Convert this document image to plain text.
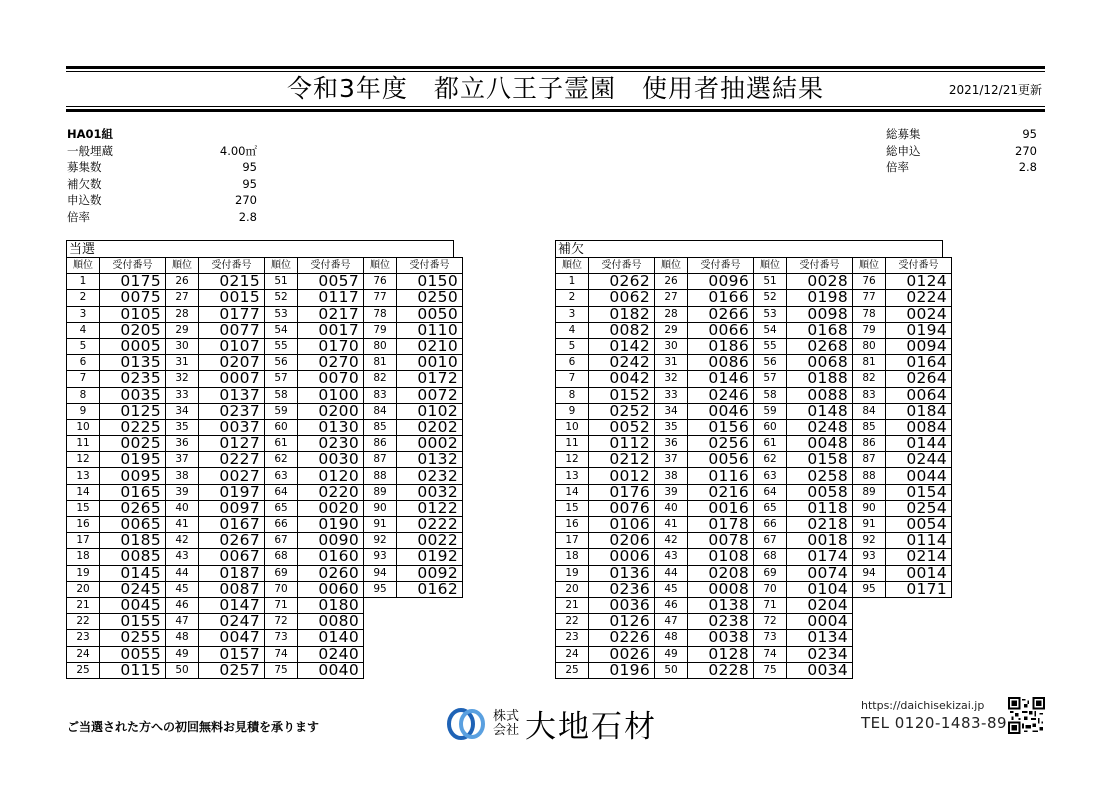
令和3年度　都立八王子霊園　使用者抽選結果	2021/12/21更新
HA01組
一般埋蔵	4.00㎡
募集数	95
補欠数	95
申込数	270
倍率	2.8
総募集	95
総申込	270
倍率	2.8
当選
順位	受付番号	順位	受付番号	順位	受付番号	順位	受付番号
1	0175	26	0215	51	0057	76	0150
2	0075	27	0015	52	0117	77	0250
3	0105	28	0177	53	0217	78	0050
4	0205	29	0077	54	0017	79	0110
5	0005	30	0107	55	0170	80	0210
6	0135	31	0207	56	0270	81	0010
7	0235	32	0007	57	0070	82	0172
8	0035	33	0137	58	0100	83	0072
9	0125	34	0237	59	0200	84	0102
10	0225	35	0037	60	0130	85	0202
11	0025	36	0127	61	0230	86	0002
12	0195	37	0227	62	0030	87	0132
13	0095	38	0027	63	0120	88	0232
14	0165	39	0197	64	0220	89	0032
15	0265	40	0097	65	0020	90	0122
16	0065	41	0167	66	0190	91	0222
17	0185	42	0267	67	0090	92	0022
18	0085	43	0067	68	0160	93	0192
19	0145	44	0187	69	0260	94	0092
20	0245	45	0087	70	0060	95	0162
21	0045	46	0147	71	0180		
22	0155	47	0247	72	0080		
23	0255	48	0047	73	0140		
24	0055	49	0157	74	0240		
25	0115	50	0257	75	0040		
補欠
順位	受付番号	順位	受付番号	順位	受付番号	順位	受付番号
1	0262	26	0096	51	0028	76	0124
2	0062	27	0166	52	0198	77	0224
3	0182	28	0266	53	0098	78	0024
4	0082	29	0066	54	0168	79	0194
5	0142	30	0186	55	0268	80	0094
6	0242	31	0086	56	0068	81	0164
7	0042	32	0146	57	0188	82	0264
8	0152	33	0246	58	0088	83	0064
9	0252	34	0046	59	0148	84	0184
10	0052	35	0156	60	0248	85	0084
11	0112	36	0256	61	0048	86	0144
12	0212	37	0056	62	0158	87	0244
13	0012	38	0116	63	0258	88	0044
14	0176	39	0216	64	0058	89	0154
15	0076	40	0016	65	0118	90	0254
16	0106	41	0178	66	0218	91	0054
17	0206	42	0078	67	0018	92	0114
18	0006	43	0108	68	0174	93	0214
19	0136	44	0208	69	0074	94	0014
20	0236	45	0008	70	0104	95	0171
21	0036	46	0138	71	0204		
22	0126	47	0238	72	0004		
23	0226	48	0038	73	0134		
24	0026	49	0128	74	0234		
25	0196	50	0228	75	0034		
ご当選された方への初回無料お見積を承ります
株式会社 大地石材
https://daichisekizai.jp
TEL 0120-1483-89
